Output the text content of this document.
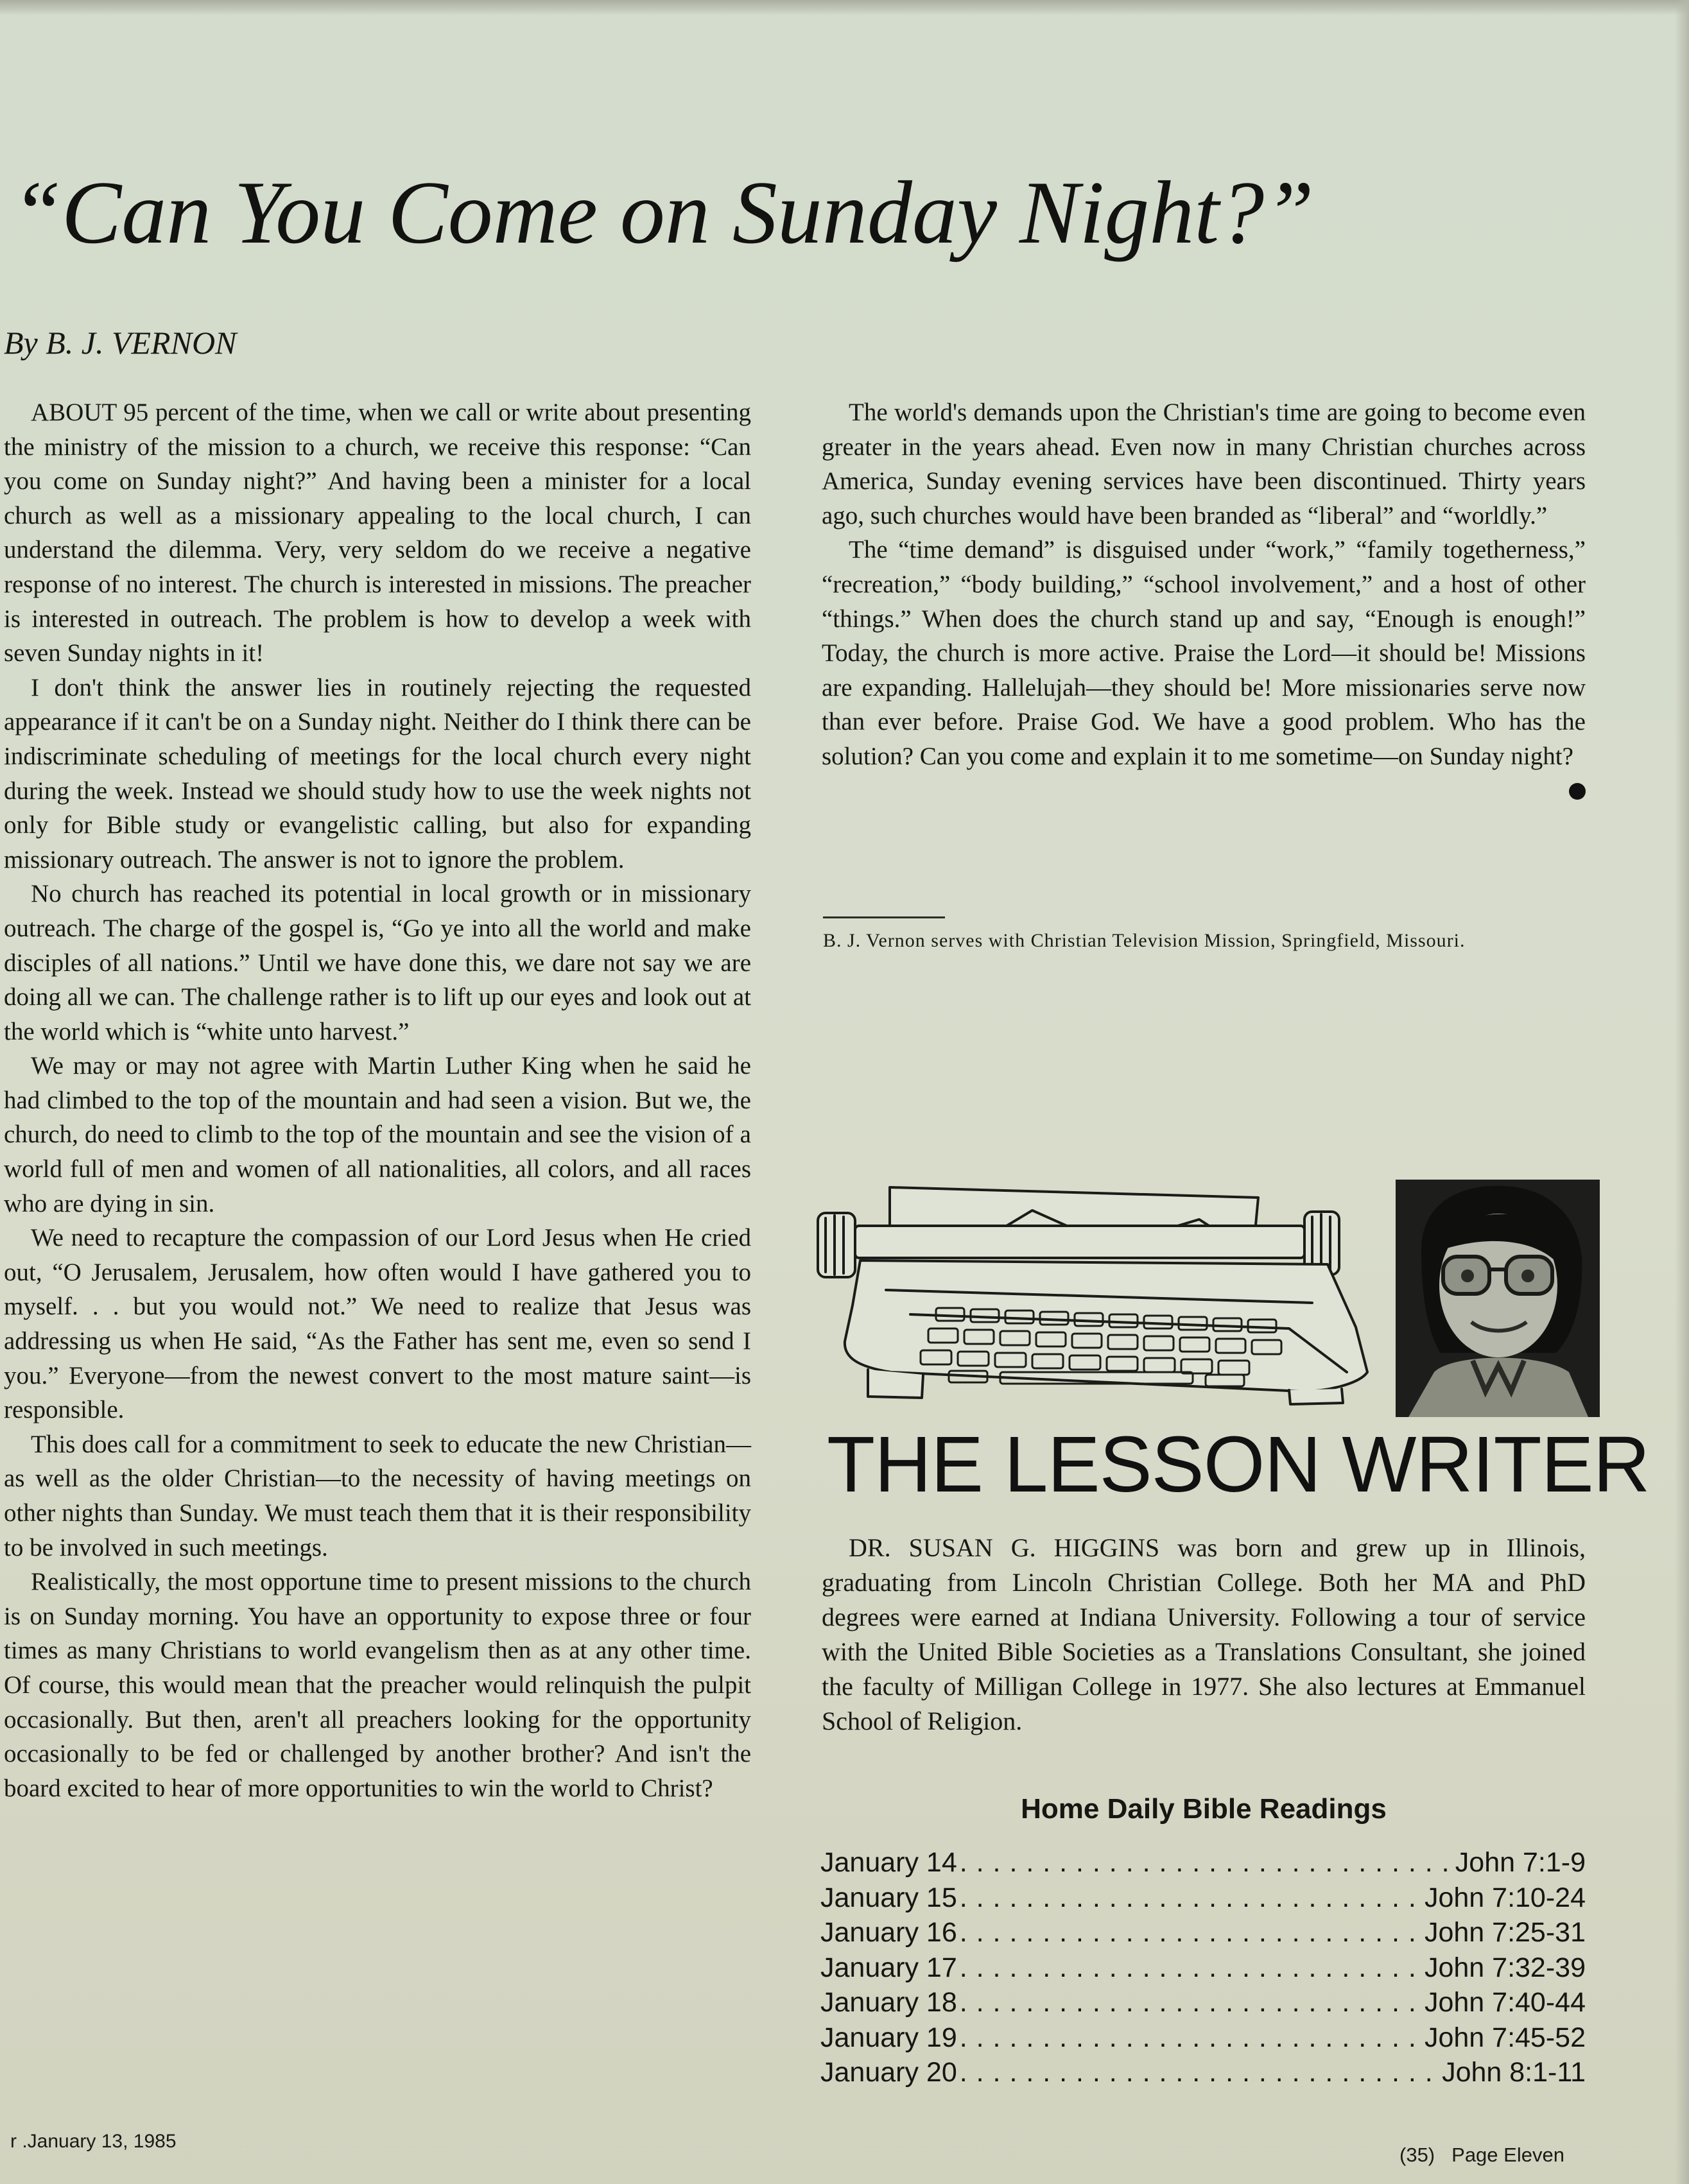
“Can You Come on Sunday Night?”

By B. J. VERNON

ABOUT 95 percent of the time, when we call or write about presenting the ministry of the mission to a church, we receive this response: “Can you come on Sunday night?” And having been a minister for a local church as well as a missionary appealing to the local church, I can understand the dilemma. Very, very seldom do we receive a negative response of no interest. The church is interested in missions. The preacher is interested in outreach. The problem is how to develop a week with seven Sunday nights in it!

I don't think the answer lies in routinely rejecting the requested appearance if it can't be on a Sunday night. Neither do I think there can be indiscriminate scheduling of meetings for the local church every night during the week. Instead we should study how to use the week nights not only for Bible study or evangelistic calling, but also for expanding missionary outreach. The answer is not to ignore the problem.

No church has reached its potential in local growth or in missionary outreach. The charge of the gospel is, “Go ye into all the world and make disciples of all nations.” Until we have done this, we dare not say we are doing all we can. The challenge rather is to lift up our eyes and look out at the world which is “white unto harvest.”

We may or may not agree with Martin Luther King when he said he had climbed to the top of the mountain and had seen a vision. But we, the church, do need to climb to the top of the mountain and see the vision of a world full of men and women of all nationalities, all colors, and all races who are dying in sin.

We need to recapture the compassion of our Lord Jesus when He cried out, “O Jerusalem, Jerusalem, how often would I have gathered you to myself. . . but you would not.” We need to realize that Jesus was addressing us when He said, “As the Father has sent me, even so send I you.” Everyone—from the newest convert to the most mature saint—is responsible.

This does call for a commitment to seek to educate the new Christian—as well as the older Christian—to the necessity of having meetings on other nights than Sunday. We must teach them that it is their responsibility to be involved in such meetings.

Realistically, the most opportune time to present missions to the church is on Sunday morning. You have an opportunity to expose three or four times as many Christians to world evangelism then as at any other time. Of course, this would mean that the preacher would relinquish the pulpit occasionally. But then, aren't all preachers looking for the opportunity occasionally to be fed or challenged by another brother? And isn't the board excited to hear of more opportunities to win the world to Christ?

The world's demands upon the Christian's time are going to become even greater in the years ahead. Even now in many Christian churches across America, Sunday evening services have been discontinued. Thirty years ago, such churches would have been branded as “liberal” and “worldly.”

The “time demand” is disguised under “work,” “family togetherness,” “recreation,” “body building,” “school involvement,” and a host of other “things.” When does the church stand up and say, “Enough is enough!” Today, the church is more active. Praise the Lord—it should be! Missions are expanding. Hallelujah—they should be! More missionaries serve now than ever before. Praise God. We have a good problem. Who has the solution? Can you come and explain it to me sometime—on Sunday night?

B. J. Vernon serves with Christian Television Mission, Springfield, Missouri.

THE LESSON WRITER

DR. SUSAN G. HIGGINS was born and grew up in Illinois, graduating from Lincoln Christian College. Both her MA and PhD degrees were earned at Indiana University. Following a tour of service with the United Bible Societies as a Translations Consultant, she joined the faculty of Milligan College in 1977. She also lectures at Emmanuel School of Religion.

Home Daily Bible Readings
January 14 . . .	John 7:1-9
January 15 . . .	John 7:10-24
January 16 . . .	John 7:25-31
January 17 . . .	John 7:32-39
January 18 . . .	John 7:40-44
January 19 . . .	John 7:45-52
January 20 . . .	John 8:1-11

r .January 13, 1985

(35) Page Eleven
